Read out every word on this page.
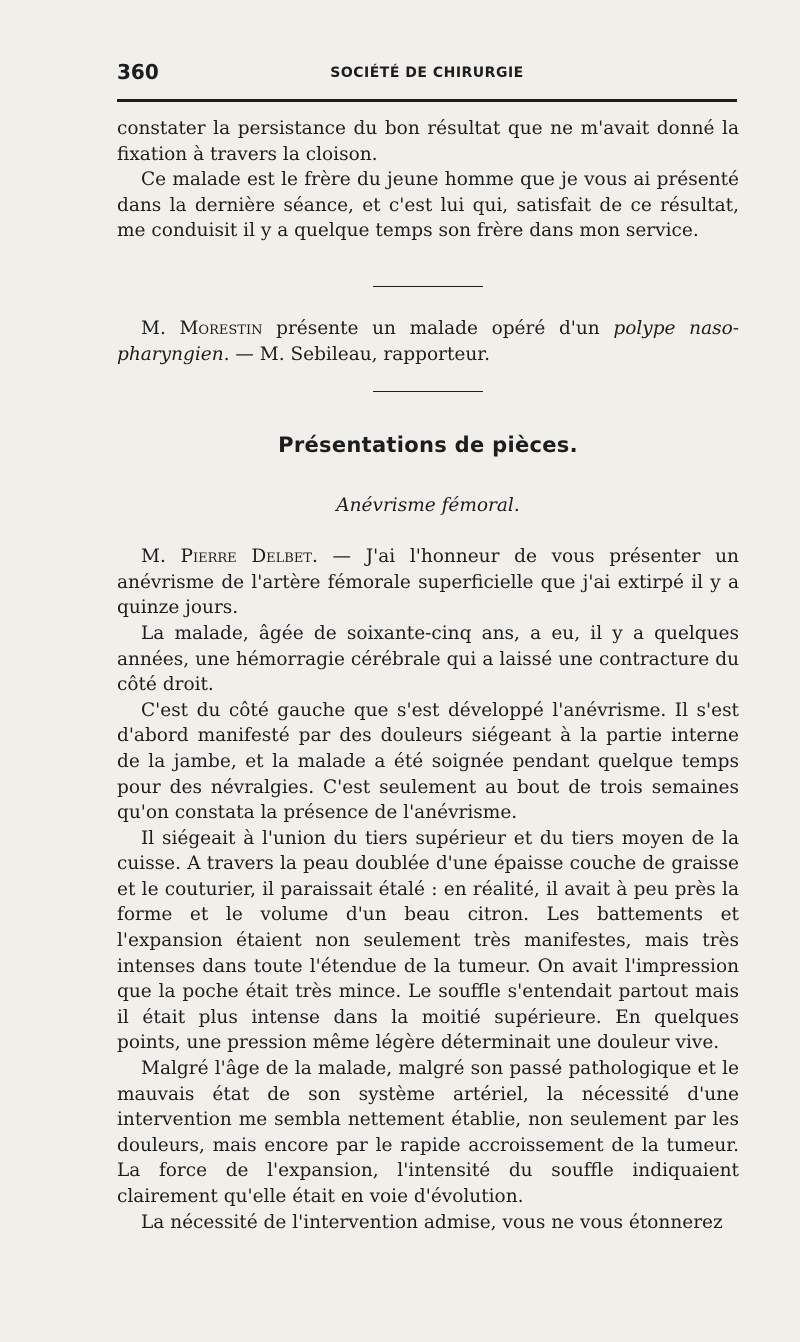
360	SOCIÉTÉ DE CHIRURGIE

constater la persistance du bon résultat que ne m'avait donné la fixation à travers la cloison.

Ce malade est le frère du jeune homme que je vous ai présenté dans la dernière séance, et c'est lui qui, satisfait de ce résultat, me conduisit il y a quelque temps son frère dans mon service.

M. Morestin présente un malade opéré d'un polype naso-pharyngien. — M. Sebileau, rapporteur.

Présentations de pièces.
Anévrisme fémoral.

M. Pierre Delbet. — J'ai l'honneur de vous présenter un anévrisme de l'artère fémorale superficielle que j'ai extirpé il y a quinze jours.

La malade, âgée de soixante-cinq ans, a eu, il y a quelques années, une hémorragie cérébrale qui a laissé une contracture du côté droit.

C'est du côté gauche que s'est développé l'anévrisme. Il s'est d'abord manifesté par des douleurs siégeant à la partie interne de la jambe, et la malade a été soignée pendant quelque temps pour des névralgies. C'est seulement au bout de trois semaines qu'on constata la présence de l'anévrisme.

Il siégeait à l'union du tiers supérieur et du tiers moyen de la cuisse. A travers la peau doublée d'une épaisse couche de graisse et le couturier, il paraissait étalé : en réalité, il avait à peu près la forme et le volume d'un beau citron. Les battements et l'expansion étaient non seulement très manifestes, mais très intenses dans toute l'étendue de la tumeur. On avait l'impression que la poche était très mince. Le souffle s'entendait partout mais il était plus intense dans la moitié supérieure. En quelques points, une pression même légère déterminait une douleur vive.

Malgré l'âge de la malade, malgré son passé pathologique et le mauvais état de son système artériel, la nécessité d'une intervention me sembla nettement établie, non seulement par les douleurs, mais encore par le rapide accroissement de la tumeur. La force de l'expansion, l'intensité du souffle indiquaient clairement qu'elle était en voie d'évolution.

La nécessité de l'intervention admise, vous ne vous étonnerez
